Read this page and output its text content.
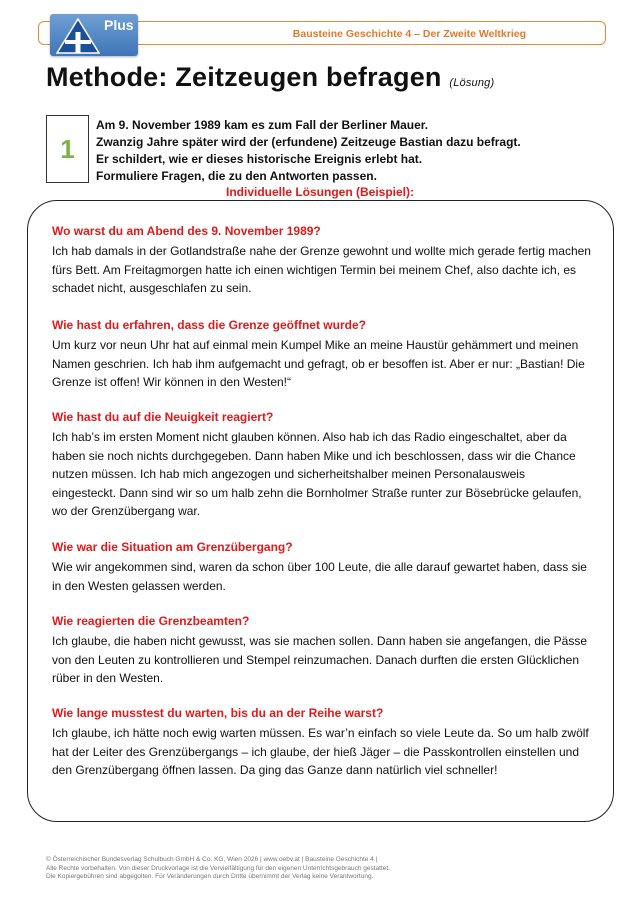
Plus
Bausteine Geschichte 4 – Der Zweite Weltkrieg
Methode: Zeitzeugen befragen (Lösung)
1

Am 9. November 1989 kam es zum Fall der Berliner Mauer.

Zwanzig Jahre später wird der (erfundene) Zeitzeuge Bastian dazu befragt.

Er schildert, wie er dieses historische Ereignis erlebt hat.

Formuliere Fragen, die zu den Antworten passen.

Individuelle Lösungen (Beispiel):

Wo warst du am Abend des 9. November 1989?

Ich hab damals in der Gotlandstraße nahe der Grenze gewohnt und wollte mich gerade fertig machen fürs Bett. Am Freitagmorgen hatte ich einen wichtigen Termin bei meinem Chef, also dachte ich, es schadet nicht, ausgeschlafen zu sein.

Wie hast du erfahren, dass die Grenze geöffnet wurde?

Um kurz vor neun Uhr hat auf einmal mein Kumpel Mike an meine Haustür gehämmert und meinen Namen geschrien. Ich hab ihm aufgemacht und gefragt, ob er besoffen ist. Aber er nur: „Bastian! Die Grenze ist offen! Wir können in den Westen!“

Wie hast du auf die Neuigkeit reagiert?

Ich hab’s im ersten Moment nicht glauben können. Also hab ich das Radio eingeschaltet, aber da haben sie noch nichts durchgegeben. Dann haben Mike und ich beschlossen, dass wir die Chance nutzen müssen. Ich hab mich angezogen und sicherheitshalber meinen Personalausweis eingesteckt. Dann sind wir so um halb zehn die Bornholmer Straße runter zur Bösebrücke gelaufen, wo der Grenzübergang war.

Wie war die Situation am Grenzübergang?

Wie wir angekommen sind, waren da schon über 100 Leute, die alle darauf gewartet haben, dass sie in den Westen gelassen werden.

Wie reagierten die Grenzbeamten?

Ich glaube, die haben nicht gewusst, was sie machen sollen. Dann haben sie angefangen, die Pässe von den Leuten zu kontrollieren und Stempel reinzumachen. Danach durften die ersten Glücklichen rüber in den Westen.

Wie lange musstest du warten, bis du an der Reihe warst?

Ich glaube, ich hätte noch ewig warten müssen. Es war’n einfach so viele Leute da. So um halb zwölf hat der Leiter des Grenzübergangs – ich glaube, der hieß Jäger – die Passkontrollen einstellen und den Grenzübergang öffnen lassen. Da ging das Ganze dann natürlich viel schneller!

© Österreichischer Bundesverlag Schulbuch GmbH & Co. KG, Wien 2026 | www.oebv.at | Bausteine Geschichte 4 |

Alle Rechte vorbehalten. Von dieser Druckvorlage ist die Vervielfältigung für den eigenen Unterrichtsgebrauch gestattet.

Die Kopiergebühren sind abgegolten. Für Veränderungen durch Dritte übernimmt der Verlag keine Verantwortung.
